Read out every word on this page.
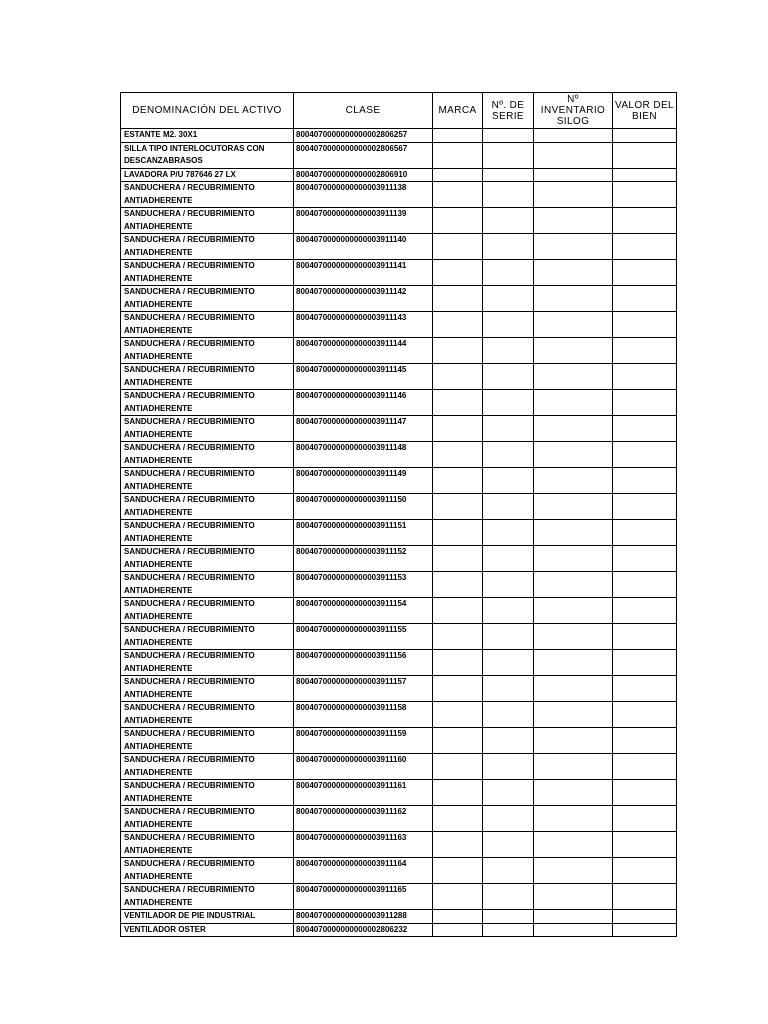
DENOMINACIÓN DEL ACTIVO	CLASE	MARCA	Nº. DE SERIE	Nº INVENTARIO SILOG	VALOR DEL BIEN
ESTANTE M2. 30X1	8004070000000000002806257				
SILLA TIPO INTERLOCUTORAS CON DESCANZABRASOS	8004070000000000002806567				
LAVADORA P/U 787646 27 LX	8004070000000000002806910				
SANDUCHERA / RECUBRIMIENTO ANTIADHERENTE	8004070000000000003911138				
SANDUCHERA / RECUBRIMIENTO ANTIADHERENTE	8004070000000000003911139				
SANDUCHERA / RECUBRIMIENTO ANTIADHERENTE	8004070000000000003911140				
SANDUCHERA / RECUBRIMIENTO ANTIADHERENTE	8004070000000000003911141				
SANDUCHERA / RECUBRIMIENTO ANTIADHERENTE	8004070000000000003911142				
SANDUCHERA / RECUBRIMIENTO ANTIADHERENTE	8004070000000000003911143				
SANDUCHERA / RECUBRIMIENTO ANTIADHERENTE	8004070000000000003911144				
SANDUCHERA / RECUBRIMIENTO ANTIADHERENTE	8004070000000000003911145				
SANDUCHERA / RECUBRIMIENTO ANTIADHERENTE	8004070000000000003911146				
SANDUCHERA / RECUBRIMIENTO ANTIADHERENTE	8004070000000000003911147				
SANDUCHERA / RECUBRIMIENTO ANTIADHERENTE	8004070000000000003911148				
SANDUCHERA / RECUBRIMIENTO ANTIADHERENTE	8004070000000000003911149				
SANDUCHERA / RECUBRIMIENTO ANTIADHERENTE	8004070000000000003911150				
SANDUCHERA / RECUBRIMIENTO ANTIADHERENTE	8004070000000000003911151				
SANDUCHERA / RECUBRIMIENTO ANTIADHERENTE	8004070000000000003911152				
SANDUCHERA / RECUBRIMIENTO ANTIADHERENTE	8004070000000000003911153				
SANDUCHERA / RECUBRIMIENTO ANTIADHERENTE	8004070000000000003911154				
SANDUCHERA / RECUBRIMIENTO ANTIADHERENTE	8004070000000000003911155				
SANDUCHERA / RECUBRIMIENTO ANTIADHERENTE	8004070000000000003911156				
SANDUCHERA / RECUBRIMIENTO ANTIADHERENTE	8004070000000000003911157				
SANDUCHERA / RECUBRIMIENTO ANTIADHERENTE	8004070000000000003911158				
SANDUCHERA / RECUBRIMIENTO ANTIADHERENTE	8004070000000000003911159				
SANDUCHERA / RECUBRIMIENTO ANTIADHERENTE	8004070000000000003911160				
SANDUCHERA / RECUBRIMIENTO ANTIADHERENTE	8004070000000000003911161				
SANDUCHERA / RECUBRIMIENTO ANTIADHERENTE	8004070000000000003911162				
SANDUCHERA / RECUBRIMIENTO ANTIADHERENTE	8004070000000000003911163				
SANDUCHERA / RECUBRIMIENTO ANTIADHERENTE	8004070000000000003911164				
SANDUCHERA / RECUBRIMIENTO ANTIADHERENTE	8004070000000000003911165				
VENTILADOR DE PIE INDUSTRIAL	8004070000000000003911288				
VENTILADOR OSTER	8004070000000000002806232				
